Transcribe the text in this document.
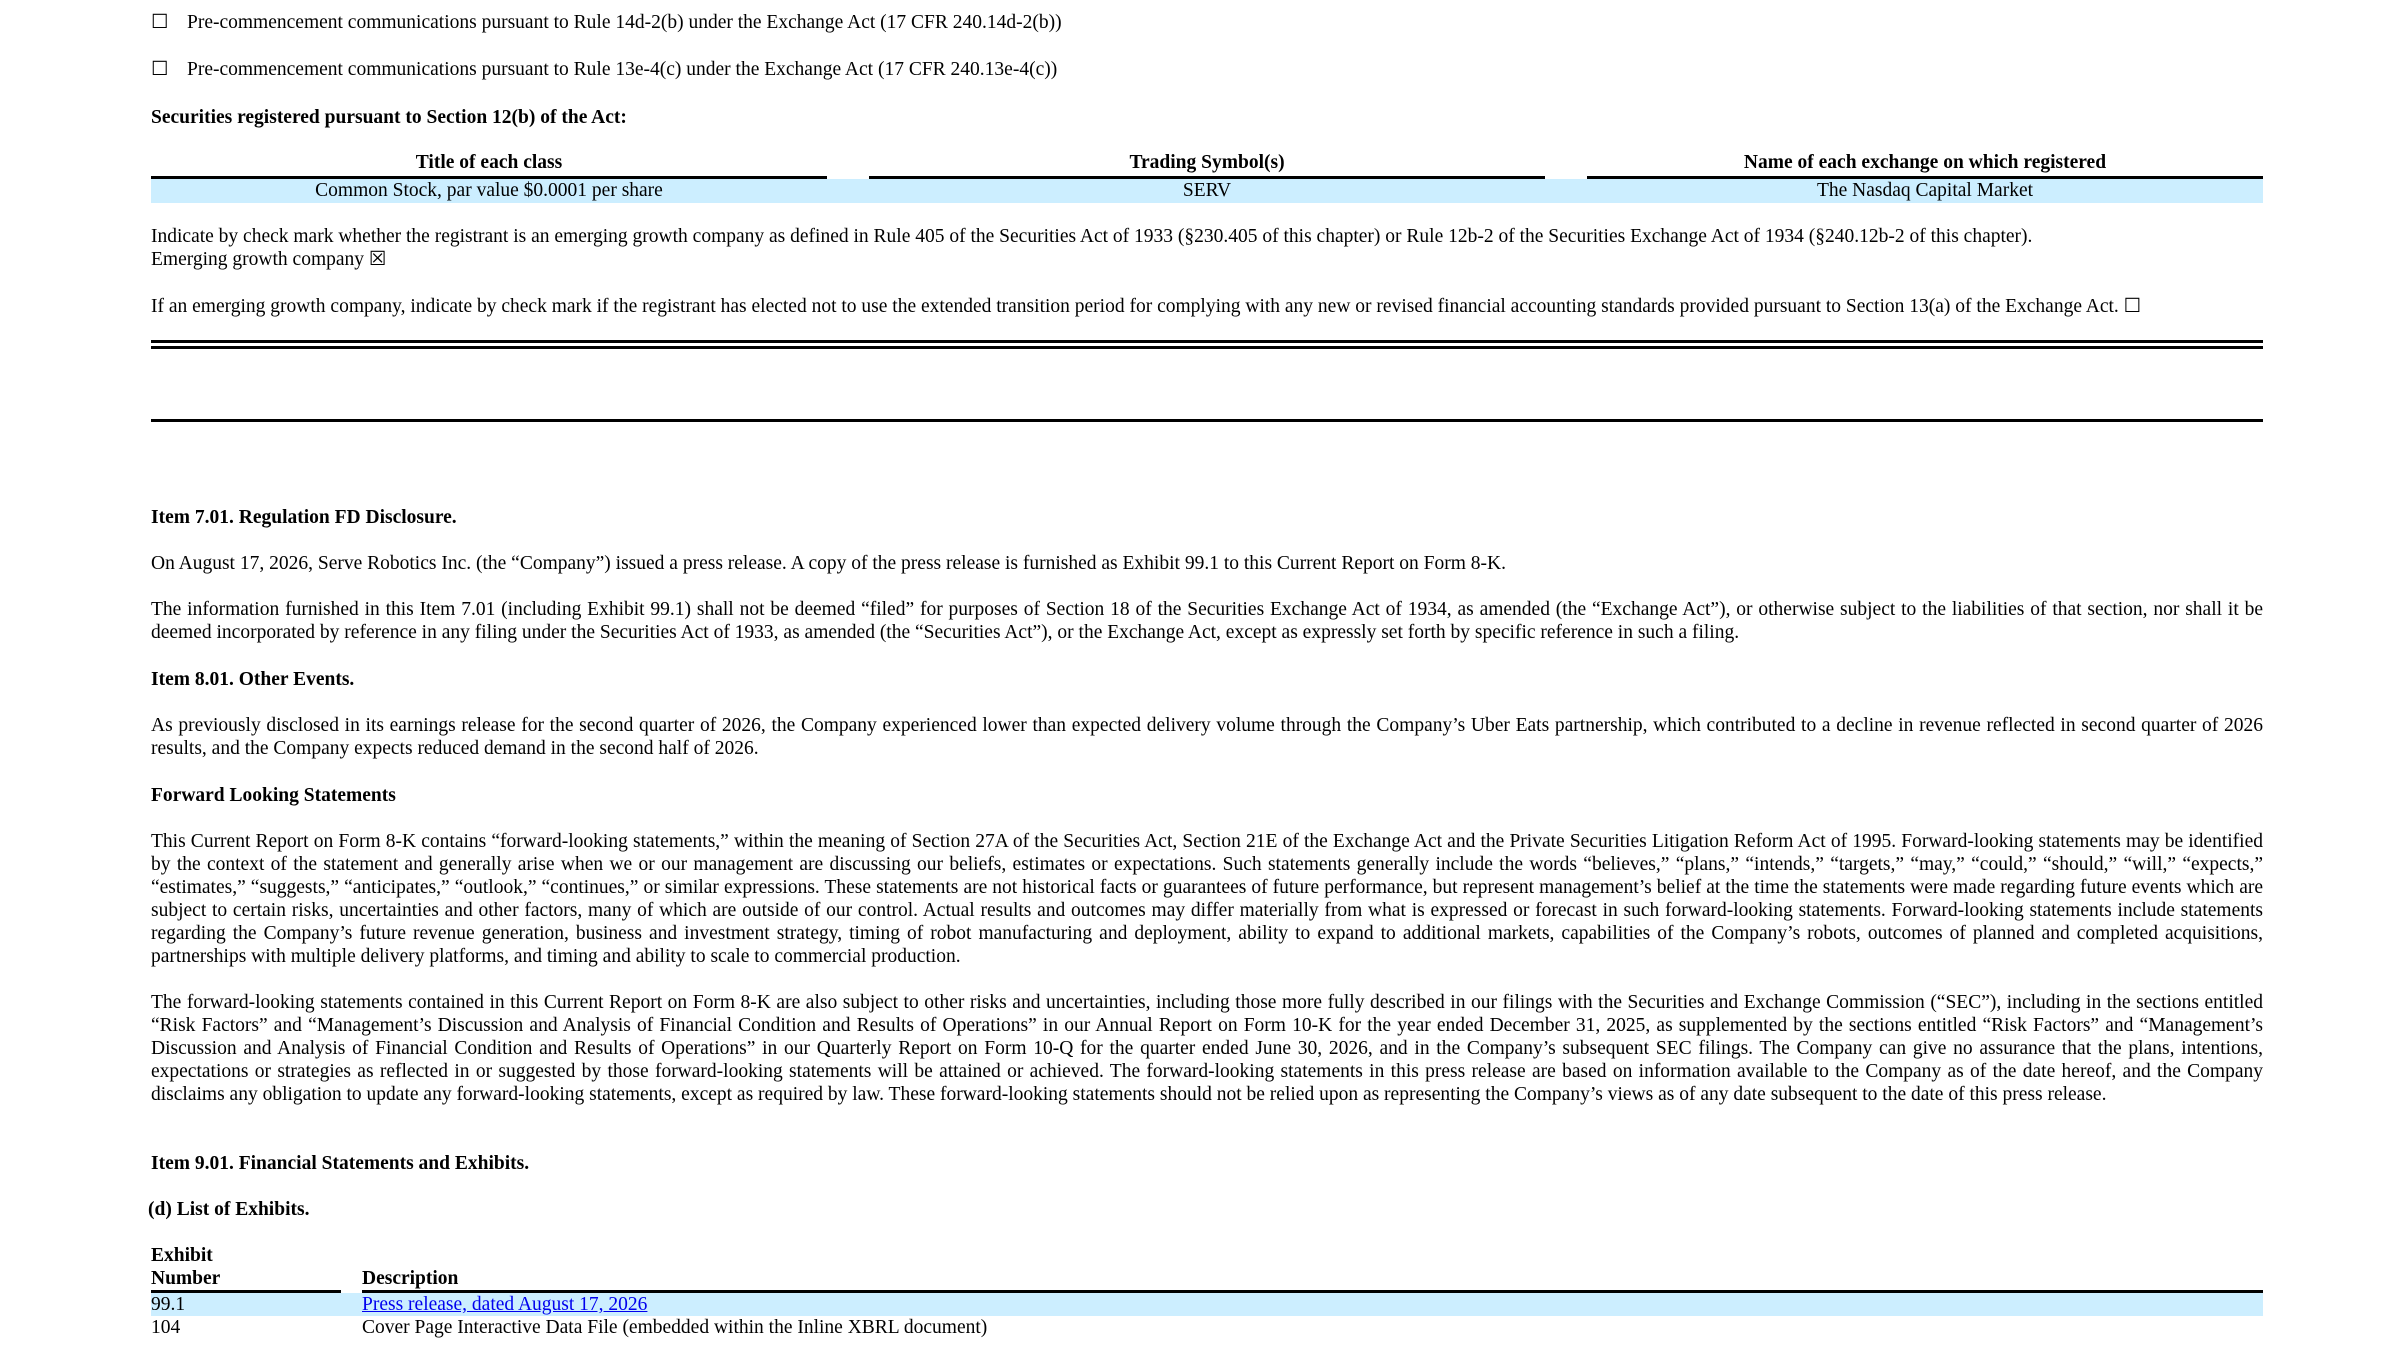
☐ Pre-commencement communications pursuant to Rule 14d-2(b) under the Exchange Act (17 CFR 240.14d-2(b))

☐ Pre-commencement communications pursuant to Rule 13e-4(c) under the Exchange Act (17 CFR 240.13e-4(c))

Securities registered pursuant to Section 12(b) of the Act:

Title of each class	Trading Symbol(s)	Name of each exchange on which registered
Common Stock, par value $0.0001 per share	SERV	The Nasdaq Capital Market

Indicate by check mark whether the registrant is an emerging growth company as defined in Rule 405 of the Securities Act of 1933 (§230.405 of this chapter) or Rule 12b-2 of the Securities Exchange Act of 1934 (§240.12b-2 of this chapter).

Emerging growth company ☒

If an emerging growth company, indicate by check mark if the registrant has elected not to use the extended transition period for complying with any new or revised financial accounting standards provided pursuant to Section 13(a) of the Exchange Act. ☐

Item 7.01. Regulation FD Disclosure.

On August 17, 2026, Serve Robotics Inc. (the “Company”) issued a press release. A copy of the press release is furnished as Exhibit 99.1 to this Current Report on Form 8-K.

The information furnished in this Item 7.01 (including Exhibit 99.1) shall not be deemed “filed” for purposes of Section 18 of the Securities Exchange Act of 1934, as amended (the “Exchange Act”), or otherwise subject to the liabilities of that section, nor shall it be deemed incorporated by reference in any filing under the Securities Act of 1933, as amended (the “Securities Act”), or the Exchange Act, except as expressly set forth by specific reference in such a filing.

Item 8.01. Other Events.

As previously disclosed in its earnings release for the second quarter of 2026, the Company experienced lower than expected delivery volume through the Company’s Uber Eats partnership, which contributed to a decline in revenue reflected in second quarter of 2026 results, and the Company expects reduced demand in the second half of 2026.

Forward Looking Statements

This Current Report on Form 8-K contains “forward-looking statements,” within the meaning of Section 27A of the Securities Act, Section 21E of the Exchange Act and the Private Securities Litigation Reform Act of 1995. Forward-looking statements may be identified by the context of the statement and generally arise when we or our management are discussing our beliefs, estimates or expectations. Such statements generally include the words “believes,” “plans,” “intends,” “targets,” “may,” “could,” “should,” “will,” “expects,” “estimates,” “suggests,” “anticipates,” “outlook,” “continues,” or similar expressions. These statements are not historical facts or guarantees of future performance, but represent management’s belief at the time the statements were made regarding future events which are subject to certain risks, uncertainties and other factors, many of which are outside of our control. Actual results and outcomes may differ materially from what is expressed or forecast in such forward-looking statements. Forward-looking statements include statements regarding the Company’s future revenue generation, business and investment strategy, timing of robot manufacturing and deployment, ability to expand to additional markets, capabilities of the Company’s robots, outcomes of planned and completed acquisitions, partnerships with multiple delivery platforms, and timing and ability to scale to commercial production.

The forward-looking statements contained in this Current Report on Form 8-K are also subject to other risks and uncertainties, including those more fully described in our filings with the Securities and Exchange Commission (“SEC”), including in the sections entitled “Risk Factors” and “Management’s Discussion and Analysis of Financial Condition and Results of Operations” in our Annual Report on Form 10-K for the year ended December 31, 2025, as supplemented by the sections entitled “Risk Factors” and “Management’s Discussion and Analysis of Financial Condition and Results of Operations” in our Quarterly Report on Form 10-Q for the quarter ended June 30, 2026, and in the Company’s subsequent SEC filings. The Company can give no assurance that the plans, intentions, expectations or strategies as reflected in or suggested by those forward-looking statements will be attained or achieved. The forward-looking statements in this press release are based on information available to the Company as of the date hereof, and the Company disclaims any obligation to update any forward-looking statements, except as required by law. These forward-looking statements should not be relied upon as representing the Company’s views as of any date subsequent to the date of this press release.

Item 9.01. Financial Statements and Exhibits.

(d) List of Exhibits.

Exhibit
Number	Description
99.1	Press release, dated August 17, 2026
104	Cover Page Interactive Data File (embedded within the Inline XBRL document)
